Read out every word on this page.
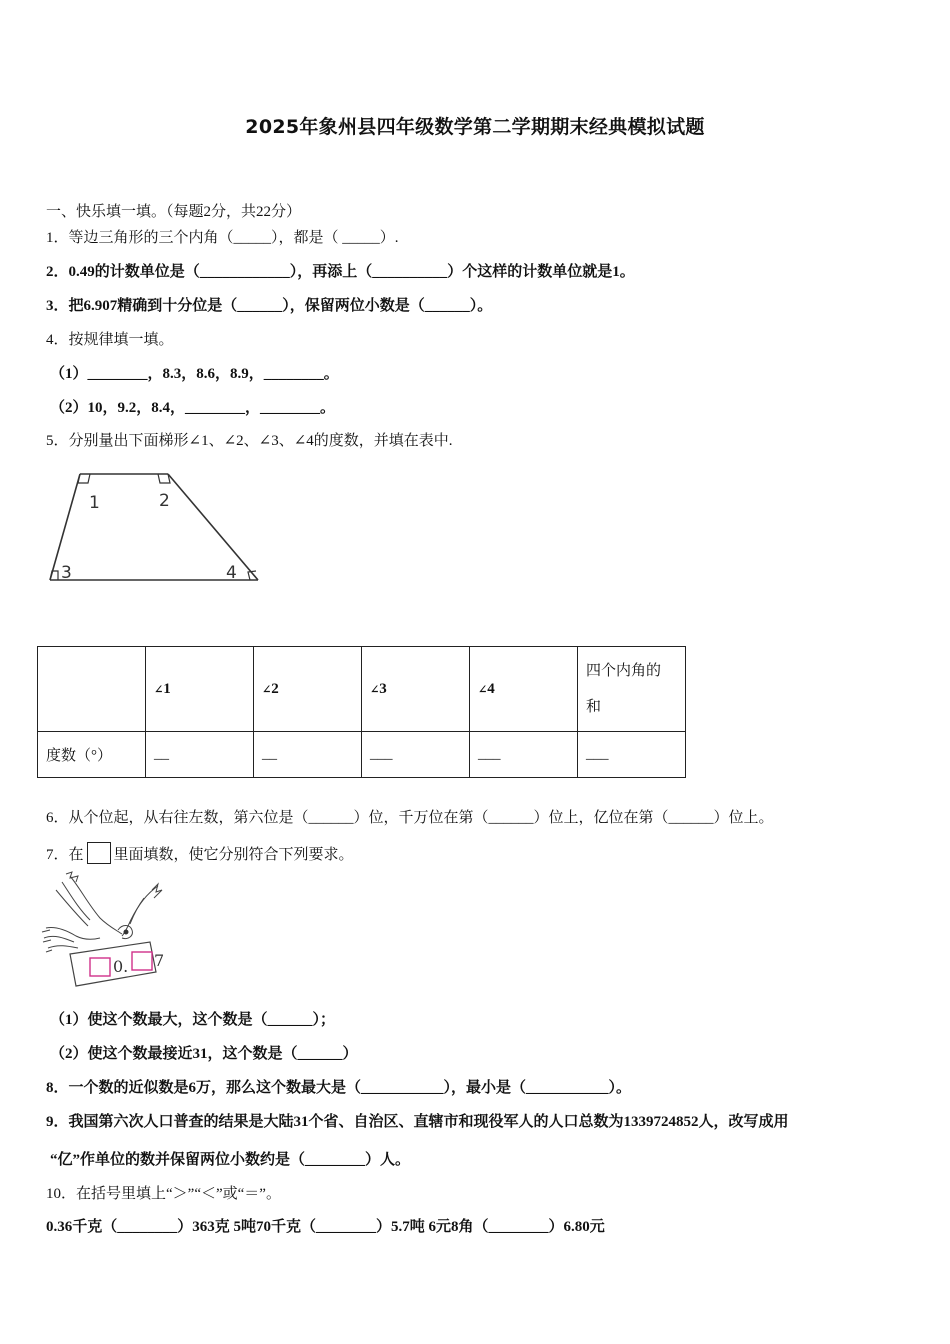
2025年象州县四年级数学第二学期期末经典模拟试题
一、快乐填一填。（每题2分，共22分）
1．等边三角形的三个内角（_____），都是（ _____）.
2．0.49的计数单位是（____________），再添上（__________）个这样的计数单位就是1。
3．把6.907精确到十分位是（______），保留两位小数是（______）。
4．按规律填一填。
（1）________，8.3，8.6，8.9，________。
（2）10，9.2，8.4，________，________。
5．分别量出下面梯形∠1、∠2、∠3、∠4的度数，并填在表中.
1	2
3	4
	∠1	∠2	∠3	∠4	四个内角的
和
度数（°）	__	__	___	___	___
6．从个位起，从右往左数，第六位是（______）位，千万位在第（______）位上，亿位在第（______）位上。
7．在 里面填数，使它分别符合下列要求。
0. 7
（1）使这个数最大，这个数是（______）；
（2）使这个数最接近31，这个数是（______）
8．一个数的近似数是6万，那么这个数最大是（___________），最小是（___________）。
9．我国第六次人口普查的结果是大陆31个省、自治区、直辖市和现役军人的人口总数为1339724852人，改写成用
“亿”作单位的数并保留两位小数约是（________）人。
10．在括号里填上“＞”“＜”或“＝”。
0.36千克（________）363克 5吨70千克（________）5.7吨 6元8角（________）6.80元
